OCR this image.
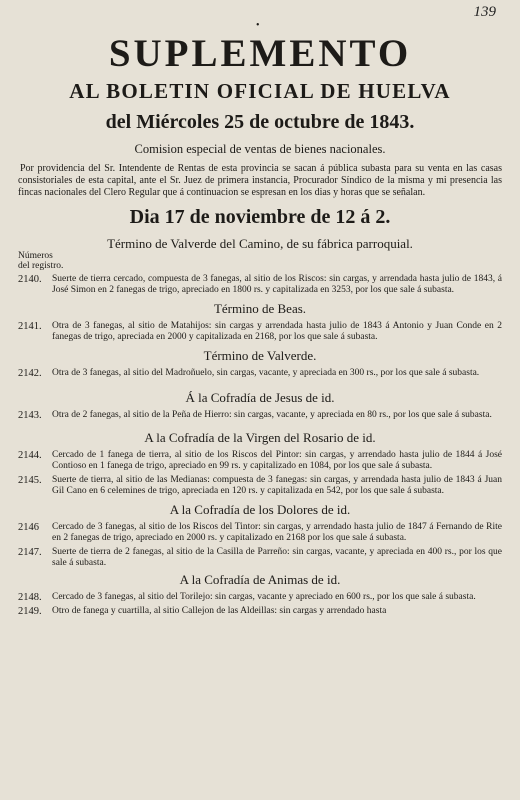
139
•
SUPLEMENTO
AL BOLETIN OFICIAL DE HUELVA
del Miércoles 25 de octubre de 1843.
Comision especial de ventas de bienes nacionales.
Por providencia del Sr. Intendente de Rentas de esta provincia se sacan á pública subasta para su venta en las casas consistoriales de esta capital, ante el Sr. Juez de primera instancia, Procurador Síndico de la misma y mi presencia las fincas nacionales del Clero Regular que á continuacion se espresan en los dias y horas que se señalan.
Dia 17 de noviembre de 12 á 2.
Término de Valverde del Camino, de su fábrica parroquial.
Números
del registro.
2140.	Suerte de tierra cercado, compuesta de 3 fanegas, al sitio de los Riscos: sin cargas, y arrendada hasta julio de 1843, á José Simon en 2 fanegas de trigo, apreciado en 1800 rs. y capitalizada en 3253, por los que sale á subasta.
Término de Beas.
2141.	Otra de 3 fanegas, al sitio de Matahijos: sin cargas y arrendada hasta julio de 1843 á Antonio y Juan Conde en 2 fanegas de trigo, apreciada en 2000 y capitalizada en 2168, por los que sale á subasta.
Término de Valverde.
2142.	Otra de 3 fanegas, al sitio del Madroñuelo, sin cargas, vacante, y apreciada en 300 rs., por los que sale á subasta.
Á la Cofradía de Jesus de id.
2143.	Otra de 2 fanegas, al sitio de la Peña de Hierro: sin cargas, vacante, y apreciada en 80 rs., por los que sale á subasta.
A la Cofradía de la Virgen del Rosario de id.
2144.	Cercado de 1 fanega de tierra, al sitio de los Riscos del Pintor: sin cargas, y arrendado hasta julio de 1844 á José Contioso en 1 fanega de trigo, apreciado en 99 rs. y capitalizado en 1084, por los que sale á subasta.
2145.	Suerte de tierra, al sitio de las Medianas: compuesta de 3 fanegas: sin cargas, y arrendada hasta julio de 1843 á Juan Gil Cano en 6 celemines de trigo, apreciada en 120 rs. y capitalizada en 542, por los que sale á subasta.
A la Cofradía de los Dolores de id.
2146	Cercado de 3 fanegas, al sitio de los Riscos del Tintor: sin cargas, y arrendado hasta julio de 1847 á Fernando de Rite en 2 fanegas de trigo, apreciado en 2000 rs. y capitalizado en 2168 por los que sale á subasta.
2147.	Suerte de tierra de 2 fanegas, al sitio de la Casilla de Parreño: sin cargas, vacante, y apreciada en 400 rs., por los que sale á subasta.
A la Cofradía de Animas de id.
2148.	Cercado de 3 fanegas, al sitio del Torilejo: sin cargas, vacante y apreciado en 600 rs., por los que sale á subasta.
2149.	Otro de fanega y cuartilla, al sitio Callejon de las Aldeillas: sin cargas y arrendado hasta
